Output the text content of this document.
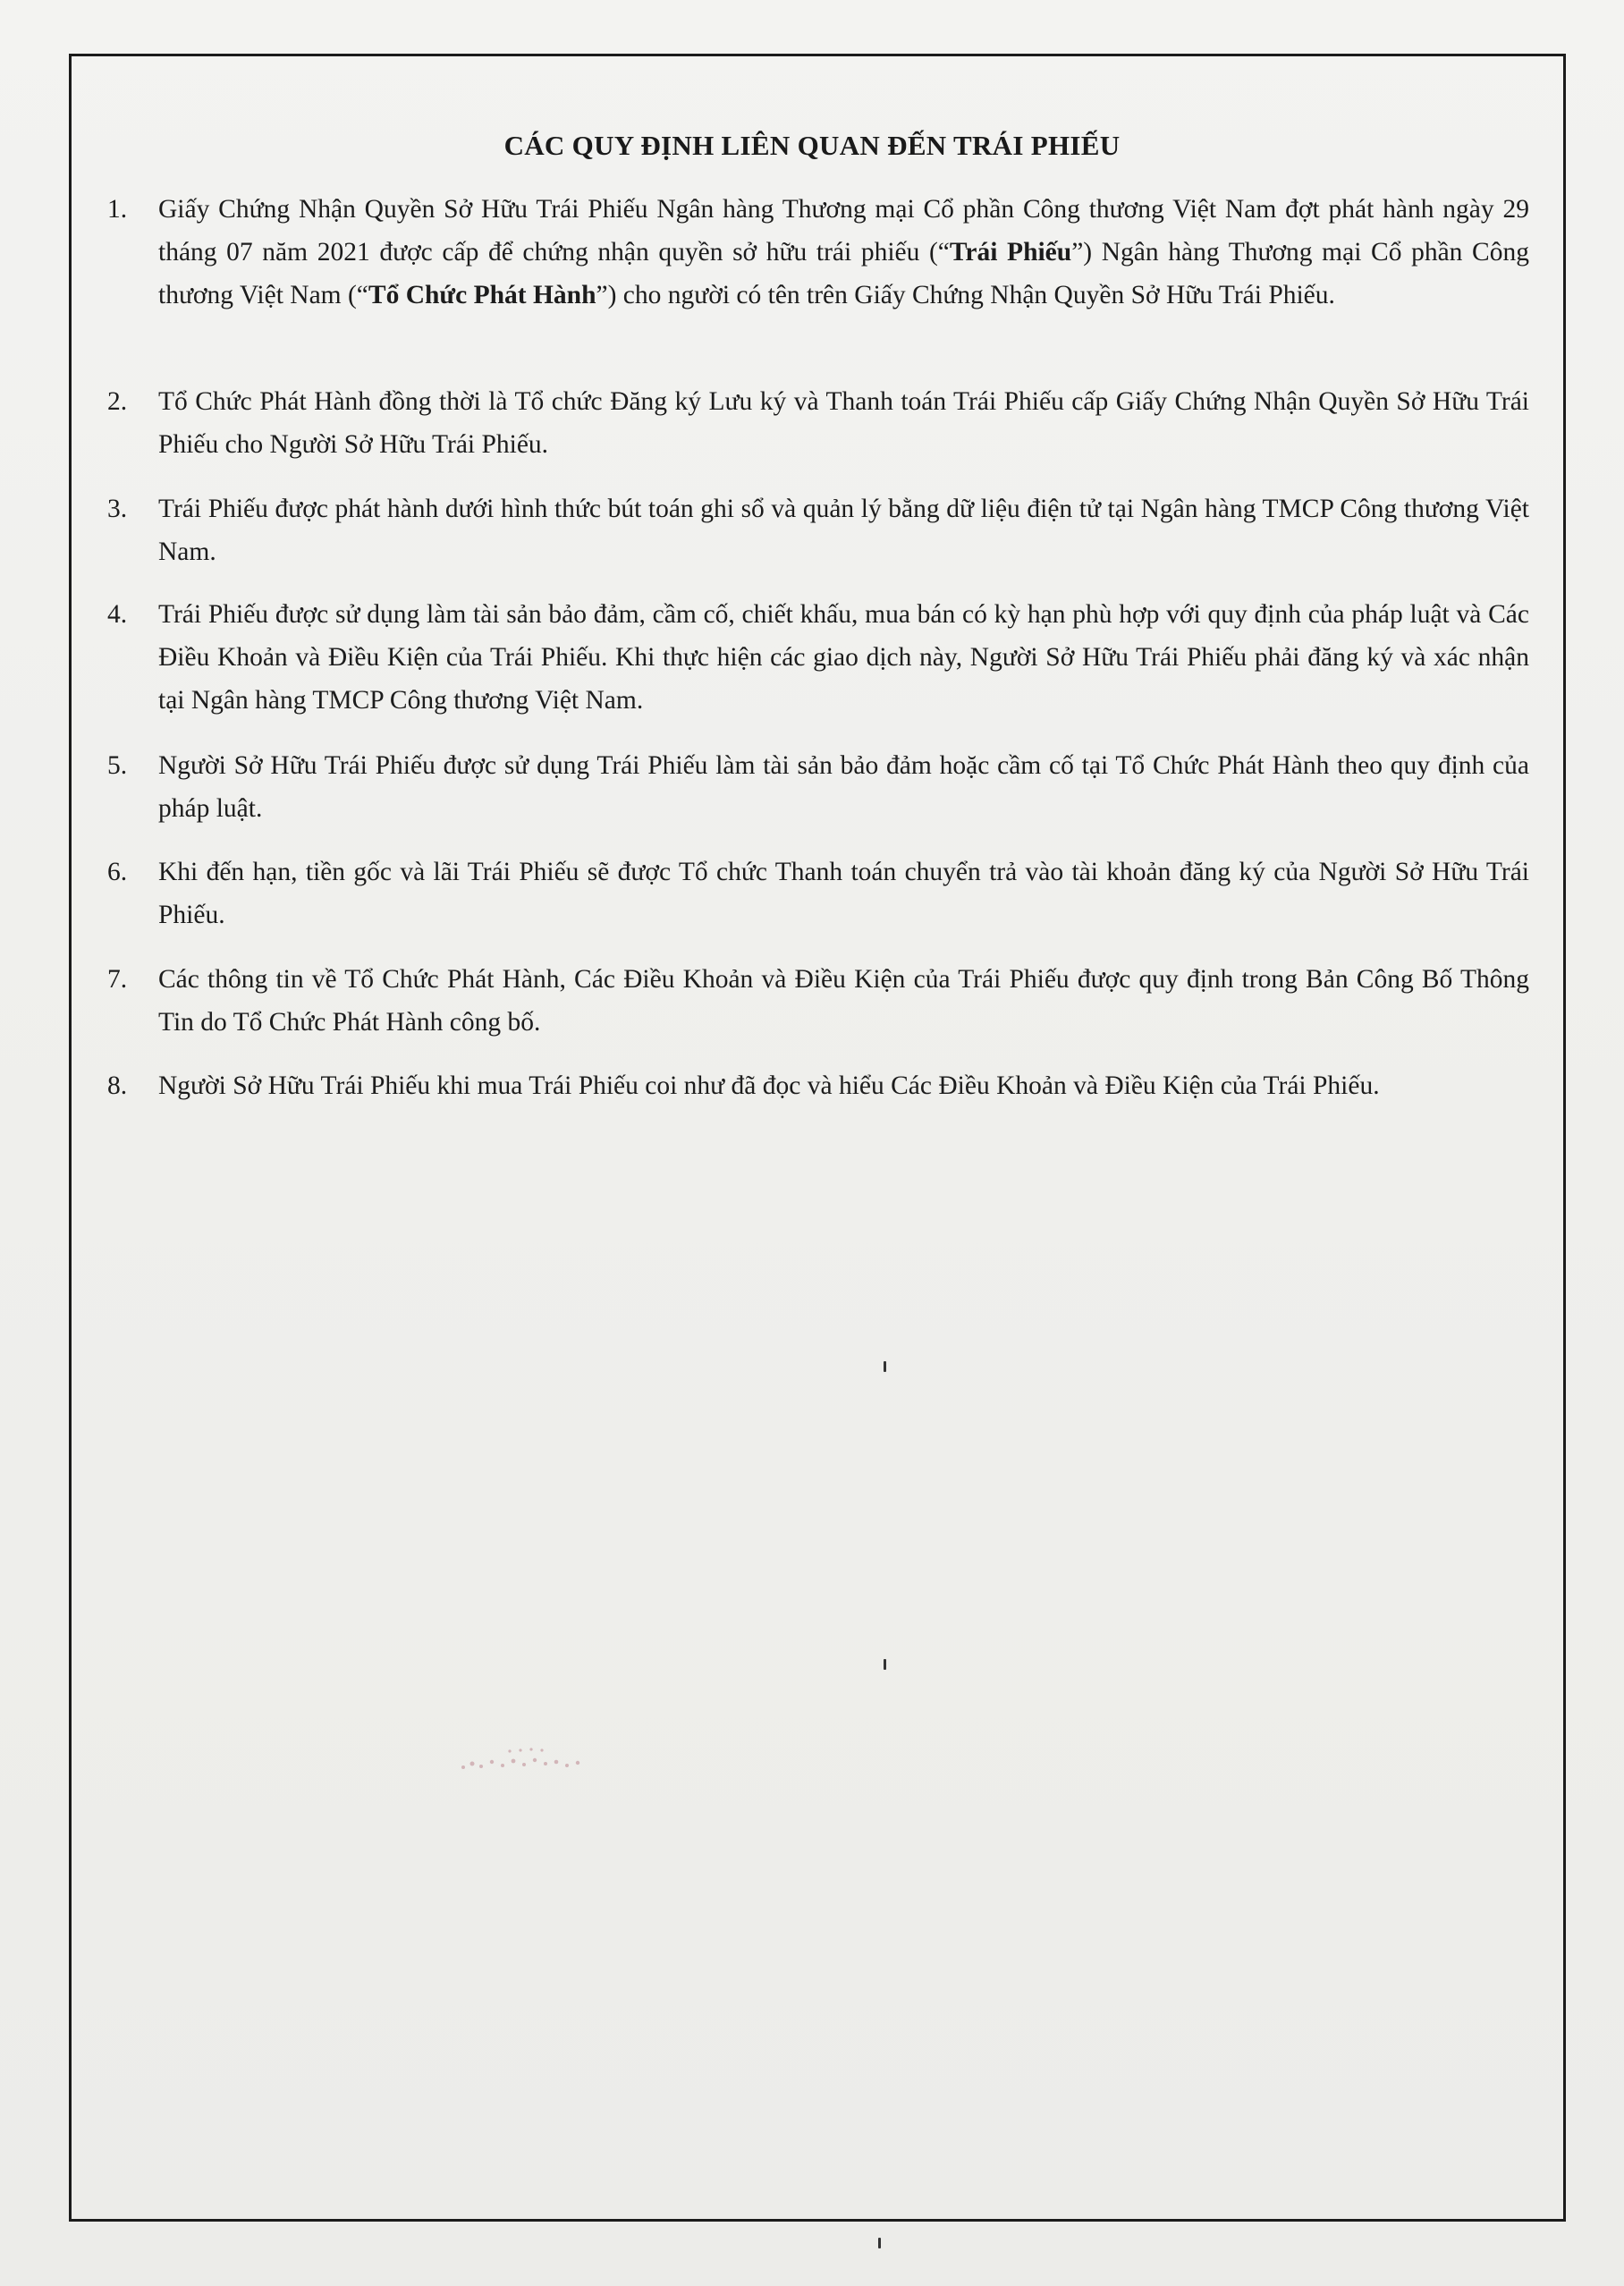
CÁC QUY ĐỊNH LIÊN QUAN ĐẾN TRÁI PHIẾU
1.	Giấy Chứng Nhận Quyền Sở Hữu Trái Phiếu Ngân hàng Thương mại Cổ phần Công thương Việt Nam đợt phát hành ngày 29 tháng 07 năm 2021 được cấp để chứng nhận quyền sở hữu trái phiếu (“Trái Phiếu”) Ngân hàng Thương mại Cổ phần Công thương Việt Nam (“Tổ Chức Phát Hành”) cho người có tên trên Giấy Chứng Nhận Quyền Sở Hữu Trái Phiếu.
2.	Tổ Chức Phát Hành đồng thời là Tổ chức Đăng ký Lưu ký và Thanh toán Trái Phiếu cấp Giấy Chứng Nhận Quyền Sở Hữu Trái Phiếu cho Người Sở Hữu Trái Phiếu.
3.	Trái Phiếu được phát hành dưới hình thức bút toán ghi sổ và quản lý bằng dữ liệu điện tử tại Ngân hàng TMCP Công thương Việt Nam.
4.	Trái Phiếu được sử dụng làm tài sản bảo đảm, cầm cố, chiết khấu, mua bán có kỳ hạn phù hợp với quy định của pháp luật và Các Điều Khoản và Điều Kiện của Trái Phiếu. Khi thực hiện các giao dịch này, Người Sở Hữu Trái Phiếu phải đăng ký và xác nhận tại Ngân hàng TMCP Công thương Việt Nam.
5.	Người Sở Hữu Trái Phiếu được sử dụng Trái Phiếu làm tài sản bảo đảm hoặc cầm cố tại Tổ Chức Phát Hành theo quy định của pháp luật.
6.	Khi đến hạn, tiền gốc và lãi Trái Phiếu sẽ được Tổ chức Thanh toán chuyển trả vào tài khoản đăng ký của Người Sở Hữu Trái Phiếu.
7.	Các thông tin về Tổ Chức Phát Hành, Các Điều Khoản và Điều Kiện của Trái Phiếu được quy định trong Bản Công Bố Thông Tin do Tổ Chức Phát Hành công bố.
8.	Người Sở Hữu Trái Phiếu khi mua Trái Phiếu coi như đã đọc và hiểu Các Điều Khoản và Điều Kiện của Trái Phiếu.
